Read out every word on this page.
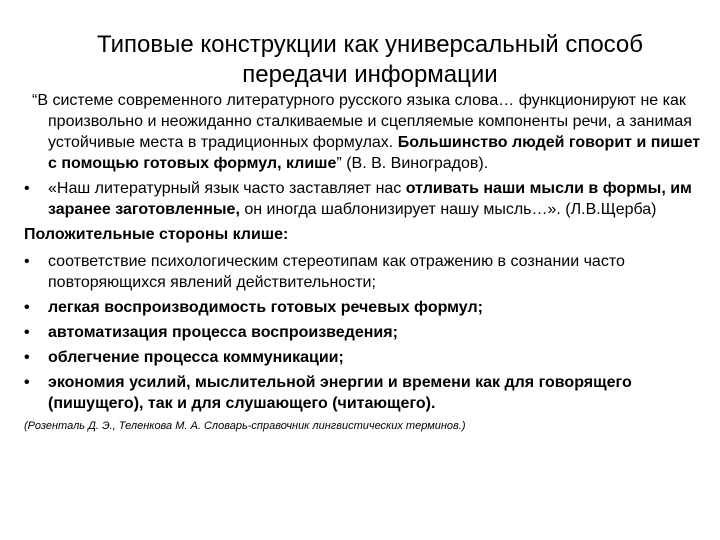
Типовые конструкции как универсальный способ
передачи информации

“В системе современного литературного русского языка слова… функционируют не как произвольно и неожиданно сталкиваемые и сцепляемые компоненты речи, а занимая устойчивые места в традиционных формулах. Большинство людей говорит и пишет с помощью готовых формул, клише” (В. В. Виноградов).

•	«Наш литературный язык часто заставляет нас отливать наши мысли в формы, им заранее заготовленные, он иногда шаблонизирует нашу мысль…». (Л.В.Щерба)

Положительные стороны клише:

•	соответствие психологическим стереотипам как отражению в сознании часто повторяющихся явлений действительности;

•	легкая воспроизводимость готовых речевых формул;

•	автоматизация процесса воспроизведения;

•	облегчение процесса коммуникации;

•	экономия усилий, мыслительной энергии и времени как для говорящего (пишущего), так и для слушающего (читающего).

(Розенталь Д. Э., Теленкова М. А. Словарь-справочник лингвистических терминов.)
